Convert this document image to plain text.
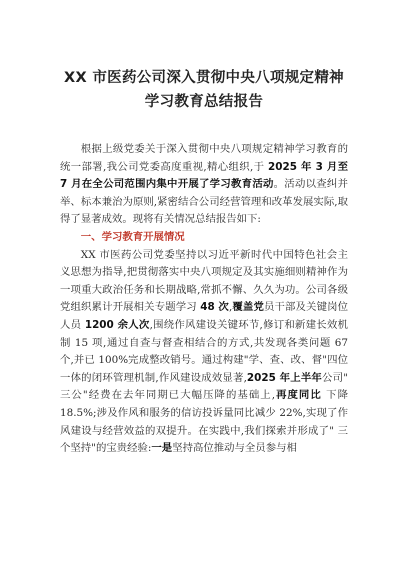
XX 市医药公司深入贯彻中央八项规定精神
学习教育总结报告

根据上级党委关于深入贯彻中央八项规定精神学习教育的统一部署,我公司党委高度重视,精心组织,于 2025 年 3 月至 7 月在全公司范围内集中开展了学习教育活动。活动以查纠并 举、标本兼治为原则,紧密结合公司经营管理和改革发展实际,取得了显著成效。现将有关情况总结报告如下:

一、学习教育开展情况

XX 市医药公司党委坚持以习近平新时代中国特色社会主义思想为指导,把贯彻落实中央八项规定及其实施细则精神作为一项重大政治任务和长期战略,常抓不懈、久久为功。公司各级党组织累计开展相关专题学习 48 次,覆盖党员干部及关键岗位人员 1200 余人次,围绕作风建设关键环节,修订和新建长效机制 15 项,通过自查与督查相结合的方式,共发现各类问题 67 个,并已 100%完成整改销号。通过构建"学、查、改、督"四位一体的闭环管理机制,作风建设成效显著,2025 年上半年公司" 三公"经费在去年同期已大幅压降的基础上,再度同比 下降 18.5%;涉及作风和服务的信访投诉量同比减少 22%,实现了作风建设与经营效益的双提升。在实践中,我们探索并形成了" 三个坚持"的宝贵经验:一是坚持高位推动与全员参与相
